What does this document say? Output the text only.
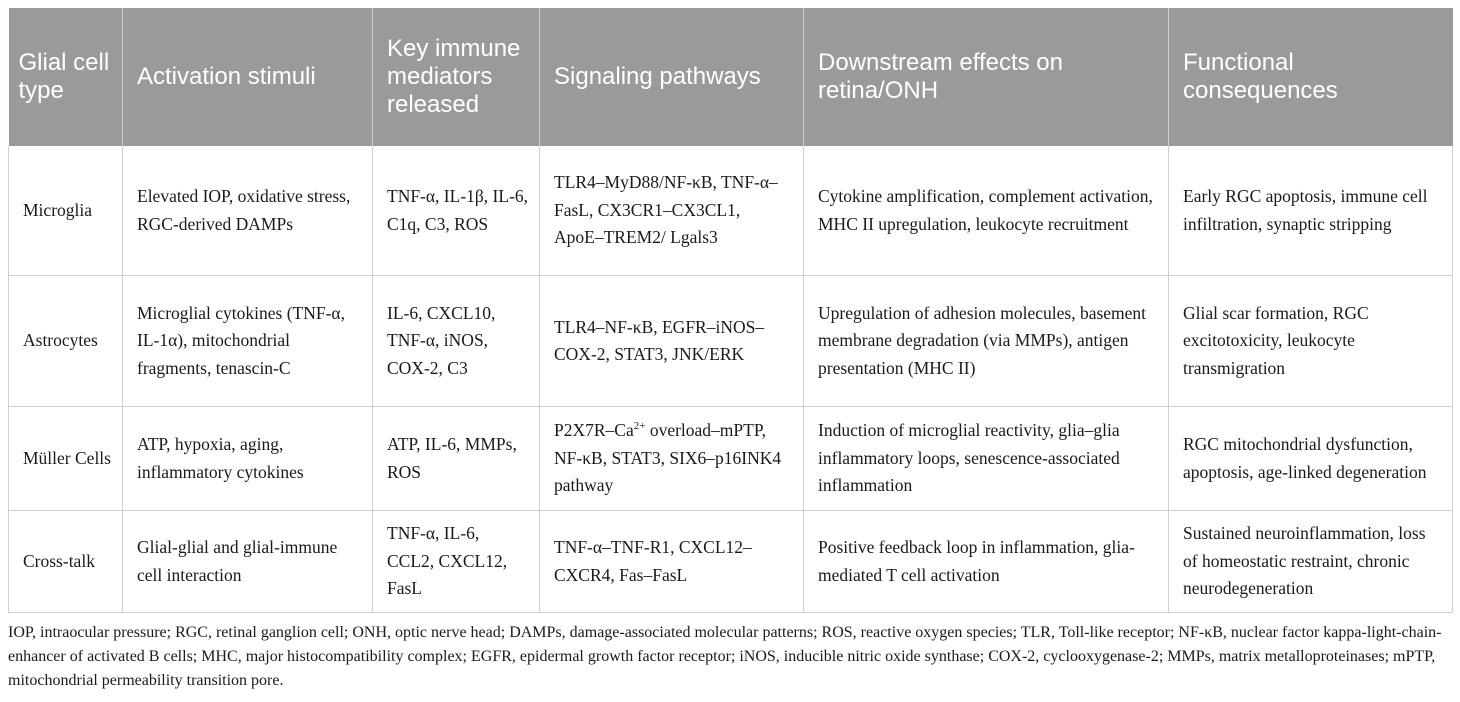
Glial cell type	Activation stimuli	Key immune mediators released	Signaling pathways	Downstream effects on retina/ONH	Functional consequences
Microglia	Elevated IOP, oxidative stress, RGC-derived DAMPs	TNF-α, IL-1β, IL-6, C1q, C3, ROS	TLR4–MyD88/NF-κB, TNF-α–FasL, CX3CR1–CX3CL1, ApoE–TREM2/ Lgals3	Cytokine amplification, complement activation, MHC II upregulation, leukocyte recruitment	Early RGC apoptosis, immune cell infiltration, synaptic stripping
Astrocytes	Microglial cytokines (TNF-α, IL-1α), mitochondrial fragments, tenascin-C	IL-6, CXCL10, TNF-α, iNOS, COX-2, C3	TLR4–NF-κB, EGFR–iNOS–COX-2, STAT3, JNK/ERK	Upregulation of adhesion molecules, basement membrane degradation (via MMPs), antigen presentation (MHC II)	Glial scar formation, RGC excitotoxicity, leukocyte transmigration
Müller Cells	ATP, hypoxia, aging, inflammatory cytokines	ATP, IL-6, MMPs, ROS	$P2X7R-Ca^{2+}$ overload–mPTP, NF-κB, STAT3, SIX6–p16INK4 pathway	Induction of microglial reactivity, glia–glia inflammatory loops, senescence-associated inflammation	RGC mitochondrial dysfunction, apoptosis, age-linked degeneration
Cross-talk	Glial-glial and glial-immune cell interaction	TNF-α, IL-6, CCL2, CXCL12, FasL	TNF-α–TNF-R1, CXCL12–CXCR4, Fas–FasL	Positive feedback loop in inflammation, glia-mediated T cell activation	Sustained neuroinflammation, loss of homeostatic restraint, chronic neurodegeneration

IOP, intraocular pressure; RGC, retinal ganglion cell; ONH, optic nerve head; DAMPs, damage-associated molecular patterns; ROS, reactive oxygen species; TLR, Toll-like receptor; NF-κB, nuclear factor kappa-light-chain-enhancer of activated B cells; MHC, major histocompatibility complex; EGFR, epidermal growth factor receptor; iNOS, inducible nitric oxide synthase; COX-2, cyclooxygenase-2; MMPs, matrix metalloproteinases; mPTP, mitochondrial permeability transition pore.
